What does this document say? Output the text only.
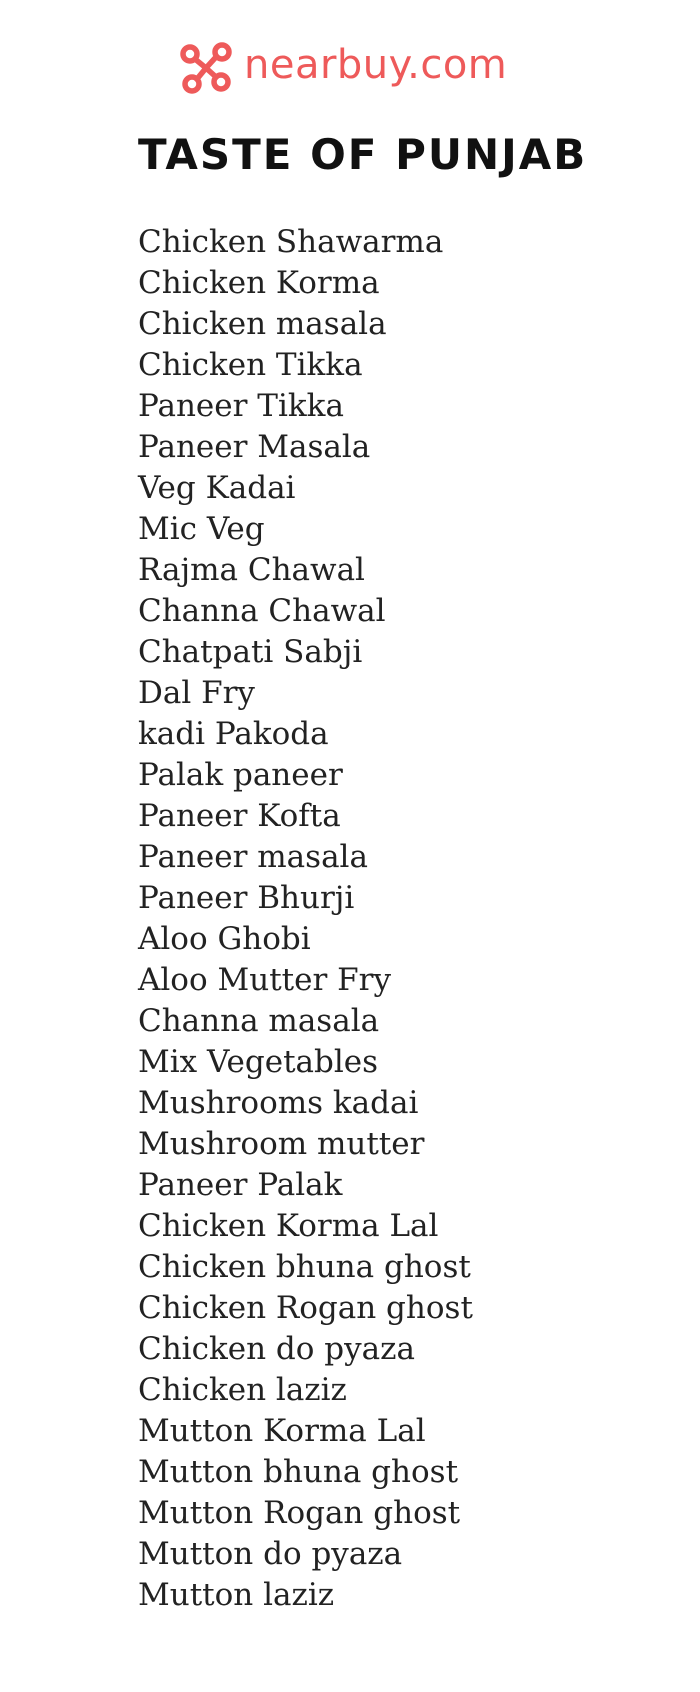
nearbuy.com
TASTE OF PUNJAB
Chicken Shawarma
Chicken Korma
Chicken masala
Chicken Tikka
Paneer Tikka
Paneer Masala
Veg Kadai
Mic Veg
Rajma Chawal
Channa Chawal
Chatpati Sabji
Dal Fry
kadi Pakoda
Palak paneer
Paneer Kofta
Paneer masala
Paneer Bhurji
Aloo Ghobi
Aloo Mutter Fry
Channa masala
Mix Vegetables
Mushrooms kadai
Mushroom mutter
Paneer Palak
Chicken Korma Lal
Chicken bhuna ghost
Chicken Rogan ghost
Chicken do pyaza
Chicken laziz
Mutton Korma Lal
Mutton bhuna ghost
Mutton Rogan ghost
Mutton do pyaza
Mutton laziz
